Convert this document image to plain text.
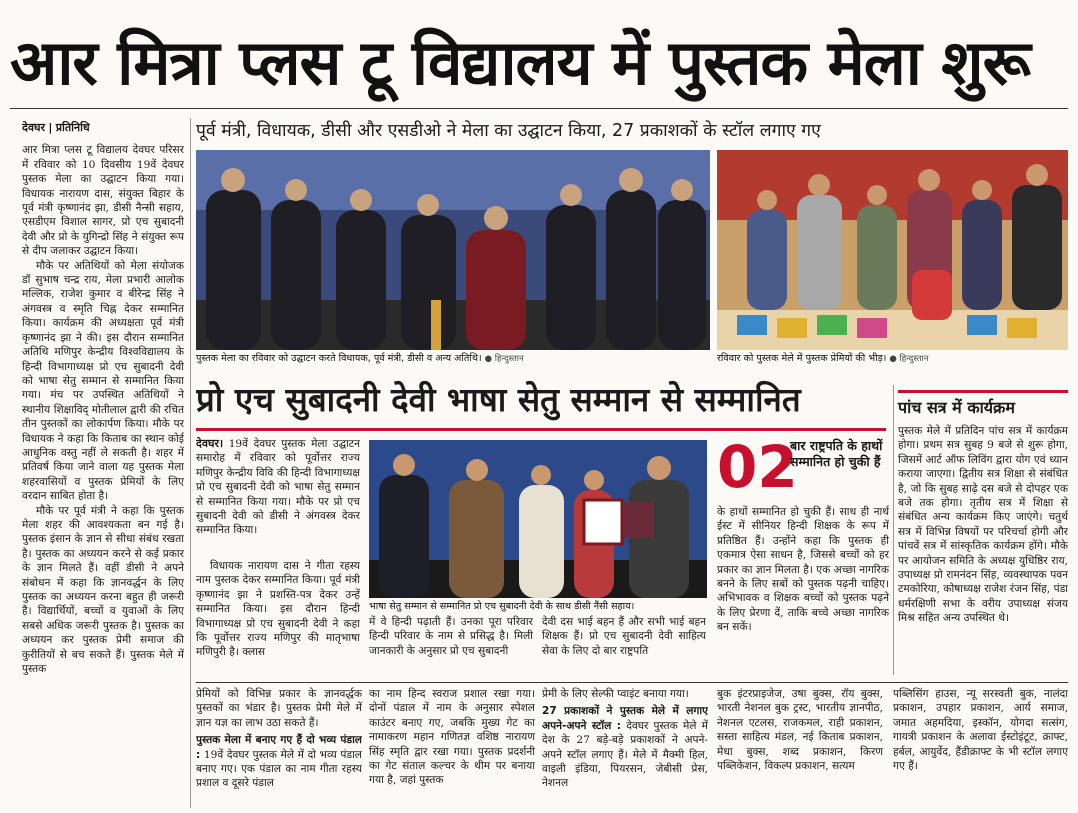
आर मित्रा प्लस टू विद्यालय में पुस्तक मेला शुरू

देवघर | प्रतिनिधि

आर मित्रा प्लस टू विद्यालय देवघर परिसर में रविवार को 10 दिवसीय 19वें देवघर पुस्तक मेला का उद्घाटन किया गया। विधायक नारायण दास, संयुक्त बिहार के पूर्व मंत्री कृष्णानंद झा, डीसी नैन्सी सहाय, एसडीएम विशाल सागर, प्रो एच सुबादनी देवी और प्रो के युगिन्द्रो सिंह ने संयुक्त रूप से दीप जलाकर उद्घाटन किया।

मौके पर अतिथियों को मेला संयोजक डॉ सुभाष चन्द्र राय, मेला प्रभारी आलोक मल्लिक, राजेश कुमार व बीरेन्द्र सिंह ने अंगवस्त्र व स्मृति चिह्न देकर सम्मानित किया। कार्यक्रम की अध्यक्षता पूर्व मंत्री कृष्णानंद झा ने की। इस दौरान सम्मानित अतिथि मणिपुर केन्द्रीय विश्वविद्यालय के हिन्दी विभागाध्यक्ष प्रो एच सुबादनी देवी को भाषा सेतु सम्मान से सम्मानित किया गया। मंच पर उपस्थित अतिथियों ने स्थानीय शिक्षाविद् मोतीलाल द्वारी की रचित तीन पुस्तकों का लोकार्पण किया। मौके पर विधायक ने कहा कि किताब का स्थान कोई आधुनिक वस्तु नहीं ले सकती है। शहर में प्रतिवर्ष किया जाने वाला यह पुस्तक मेला शहरवासियों व पुस्तक प्रेमियों के लिए वरदान साबित होता है।

मौके पर पूर्व मंत्री ने कहा कि पुस्तक मेला शहर की आवश्यकता बन गई है। पुस्तक इंसान के ज्ञान से सीधा संबंध रखता है। पुस्तक का अध्ययन करने से कई प्रकार के ज्ञान मिलते हैं। वहीं डीसी ने अपने संबोधन में कहा कि ज्ञानवर्द्धन के लिए पुस्तक का अध्ययन करना बहुत ही जरूरी है। विद्यार्थियों, बच्चों व युवाओं के लिए सबसे अधिक जरूरी पुस्तक है। पुस्तक का अध्ययन कर पुस्तक प्रेमी समाज की कुरीतियों से बच सकते हैं। पुस्तक मेले में पुस्तक

पूर्व मंत्री, विधायक, डीसी और एसडीओ ने मेला का उद्घाटन किया, 27 प्रकाशकों के स्टॉल लगाए गए
पुस्तक मेला का रविवार को उद्घाटन करते विधायक, पूर्व मंत्री, डीसी व अन्य अतिथि। ● हिन्दुस्तान	रविवार को पुस्तक मेले में पुस्तक प्रेमियों की भीड़। ● हिन्दुस्तान
प्रो एच सुबादनी देवी भाषा सेतु सम्मान से सम्मानित

देवघर। 19वें देवघर पुस्तक मेला उद्घाटन समारोह में रविवार को पूर्वोत्तर राज्य मणिपुर केन्द्रीय विवि की हिन्दी विभागाध्यक्ष प्रो एच सुबादनी देवी को भाषा सेतु सम्मान से सम्मानित किया गया। मौके पर प्रो एच सुबादनी देवी को डीसी ने अंगवस्त्र देकर सम्मानित किया।

भाषा सेतु सम्मान से सम्मानित प्रो एच सुबादनी देवी के साथ डीसी नैंसी सहाय।

विधायक नारायण दास ने गीता रहस्य नाम पुस्तक देकर सम्मानित किया। पूर्व मंत्री कृष्णानंद झा ने प्रशस्ति-पत्र देकर उन्हें सम्मानित किया। इस दौरान हिन्दी विभागाध्यक्ष प्रो एच सुबादनी देवी ने कहा कि पूर्वोत्तर राज्य मणिपुर की मातृभाषा मणिपुरी है। क्लास

में वे हिन्दी पढ़ाती हैं। उनका पूरा परिवार हिन्दी परिवार के नाम से प्रसिद्ध है। मिली जानकारी के अनुसार प्रो एच सुबादनी

देवी दस भाई बहन हैं और सभी भाई बहन शिक्षक हैं। प्रो एच सुबादनी देवी साहित्य सेवा के लिए दो बार राष्ट्रपति

02
बार राष्ट्रपति के हाथों सम्मानित हो चुकी हैं

के हाथों सम्मानित हो चुकी हैं। साथ ही नार्थ ईस्ट में सीनियर हिन्दी शिक्षक के रूप में प्रतिष्ठित हैं। उन्होंने कहा कि पुस्तक ही एकमात्र ऐसा साधन है, जिससे बच्चों को हर प्रकार का ज्ञान मिलता है। एक अच्छा नागरिक बनने के लिए सबों को पुस्तक पढ़नी चाहिए। अभिभावक व शिक्षक बच्चों को पुस्तक पढ़ने के लिए प्रेरणा दें, ताकि बच्चे अच्छा नागरिक बन सकें।

पांच सत्र में कार्यक्रम

पुस्तक मेले में प्रतिदिन पांच सत्र में कार्यक्रम होगा। प्रथम सत्र सुबह 9 बजे से शुरू होगा, जिसमें आर्ट ऑफ लिविंग द्वारा योग एवं ध्यान कराया जाएगा। द्वितीय सत्र शिक्षा से संबंधित है, जो कि सुबह साढ़े दस बजे से दोपहर एक बजे तक होगा। तृतीय सत्र में शिक्षा से संबंधित अन्य कार्यक्रम किए जाएंगे। चतुर्थ सत्र में विभिन्न विषयों पर परिचर्चा होगी और पांचवें सत्र में सांस्कृतिक कार्यक्रम होंगे। मौके पर आयोजन समिति के अध्यक्ष युधिष्ठिर राय, उपाध्यक्ष प्रो रामनंदन सिंह, व्यवस्थापक पवन टमकोरिया, कोषाध्यक्ष राजेश रंजन सिंह, पंडा धर्मरक्षिणी सभा के वरीय उपाध्यक्ष संजय मिश्र सहित अन्य उपस्थित थे।

प्रेमियों को विभिन्न प्रकार के ज्ञानवर्द्धक पुस्तकों का भंडार है। पुस्तक प्रेमी मेले में ज्ञान यज्ञ का लाभ उठा सकते हैं।

पुस्तक मेला में बनाए गए हैं दो भव्य पंडाल : 19वें देवघर पुस्तक मेले में दो भव्य पंडाल बनाए गए। एक पंडाल का नाम गीता रहस्य प्रशाल व दूसरे पंडाल

का नाम हिन्द स्वराज प्रशाल रखा गया। दोनों पंडाल में नाम के अनुसार स्पेशल काउंटर बनाए गए, जबकि मुख्य गेट का नामाकरण महान गणितज्ञ वशिष्ठ नारायण सिंह स्मृति द्वार रखा गया। पुस्तक प्रदर्शनी का गेट संताल कल्चर के थीम पर बनाया गया है, जहां पुस्तक

प्रेमी के लिए सेल्फी प्वाइंट बनाया गया।

27 प्रकाशकों ने पुस्तक मेले में लगाए अपने-अपने स्टॉल : देवघर पुस्तक मेले में देश के 27 बड़े-बड़े प्रकाशकों ने अपने- अपने स्टॉल लगाए हैं। मेले में मैक्मी हिल, वाइली इंडिया, पियरसन, जेबीसी प्रेस, नेशनल

बुक इंटरप्राइजेज, उषा बुक्स, रॉय बुक्स, भारती नेशनल बुक ट्रस्ट, भारतीय ज्ञानपीठ, नेशनल एटलस, राजकमल, राही प्रकाशन, सस्ता साहित्य मंडल, नई किताब प्रकाशन, मेधा बुक्स, शब्द प्रकाशन, किरण पब्लिकेशन, विकल्प प्रकाशन, सत्यम

पब्लिसिंग हाउस, न्यू सरस्वती बुक, नालंदा प्रकाशन, उपहार प्रकाशन, आर्य समाज, जमात अहमदिया, इस्कॉन, योगदा सत्संग, गायत्री प्रकाशन के अलावा ईस्टोइंटूट, क्राफ्ट, हर्बल, आयुर्वेद, हैंडीक्राफ्ट के भी स्टॉल लगाए गए हैं।
